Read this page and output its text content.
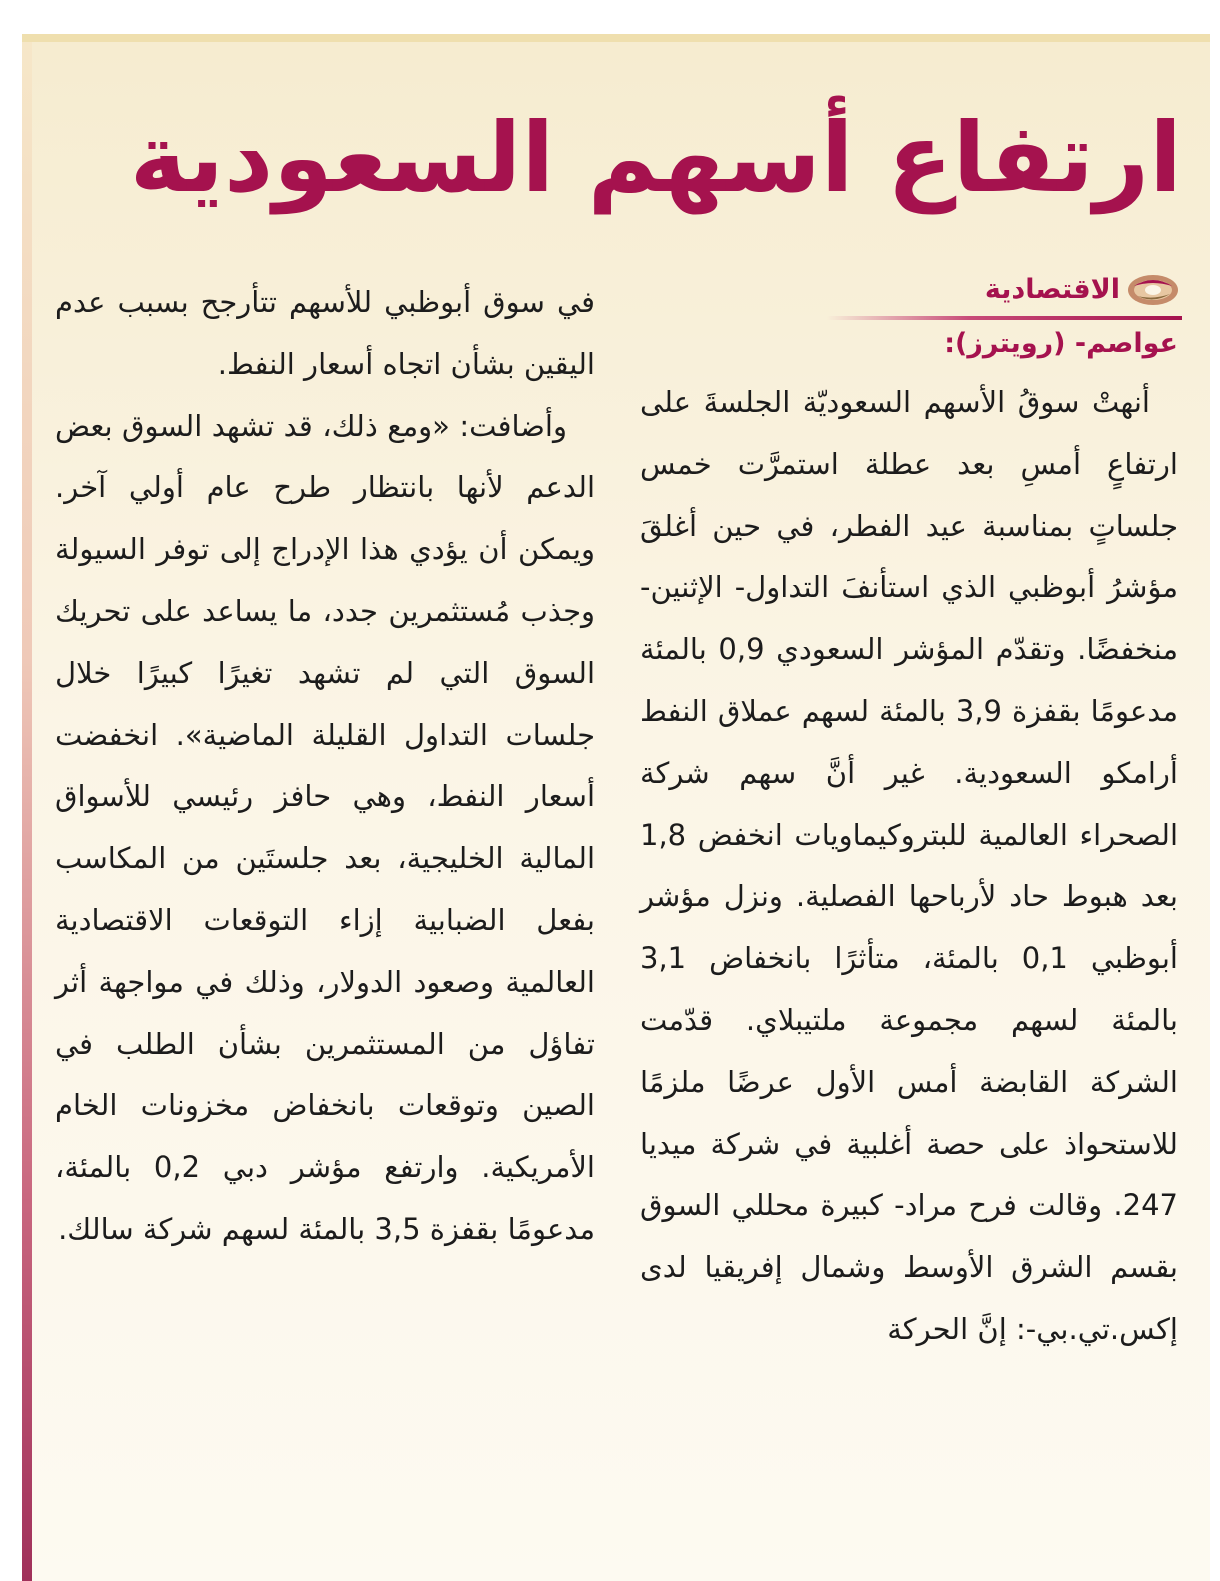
ارتفاع أسهم السعودية
الاقتصادية
عواصم- (رويترز):

أنهتْ سوقُ الأسهم السعوديّة الجلسةَ على ارتفاعٍ أمسِ بعد عطلة استمرَّت خمس جلساتٍ بمناسبة عيد الفطر، في حين أغلقَ مؤشرُ أبوظبي الذي استأنفَ التداول- الإثنين- منخفضًا. وتقدّم المؤشر السعودي 0,9 بالمئة مدعومًا بقفزة 3,9 بالمئة لسهم عملاق النفط أرامكو السعودية. غير أنَّ سهم شركة الصحراء العالمية للبتروكيماويات انخفض 1,8 بعد هبوط حاد لأرباحها الفصلية. ونزل مؤشر أبوظبي 0,1 بالمئة، متأثرًا بانخفاض 3,1 بالمئة لسهم مجموعة ملتيبلاي. قدّمت الشركة القابضة أمس الأول عرضًا ملزمًا للاستحواذ على حصة أغلبية في شركة ميديا 247. وقالت فرح مراد- كبيرة محللي السوق بقسم الشرق الأوسط وشمال إفريقيا لدى إكس.تي.بي-: إنَّ الحركة

في سوق أبوظبي للأسهم تتأرجح بسبب عدم اليقين بشأن اتجاه أسعار النفط.

وأضافت: «ومع ذلك، قد تشهد السوق بعض الدعم لأنها بانتظار طرح عام أولي آخر. ويمكن أن يؤدي هذا الإدراج إلى توفر السيولة وجذب مُستثمرين جدد، ما يساعد على تحريك السوق التي لم تشهد تغيرًا كبيرًا خلال جلسات التداول القليلة الماضية». انخفضت أسعار النفط، وهي حافز رئيسي للأسواق المالية الخليجية، بعد جلستَين من المكاسب بفعل الضبابية إزاء التوقعات الاقتصادية العالمية وصعود الدولار، وذلك في مواجهة أثر تفاؤل من المستثمرين بشأن الطلب في الصين وتوقعات بانخفاض مخزونات الخام الأمريكية. وارتفع مؤشر دبي 0,2 بالمئة، مدعومًا بقفزة 3,5 بالمئة لسهم شركة سالك.
